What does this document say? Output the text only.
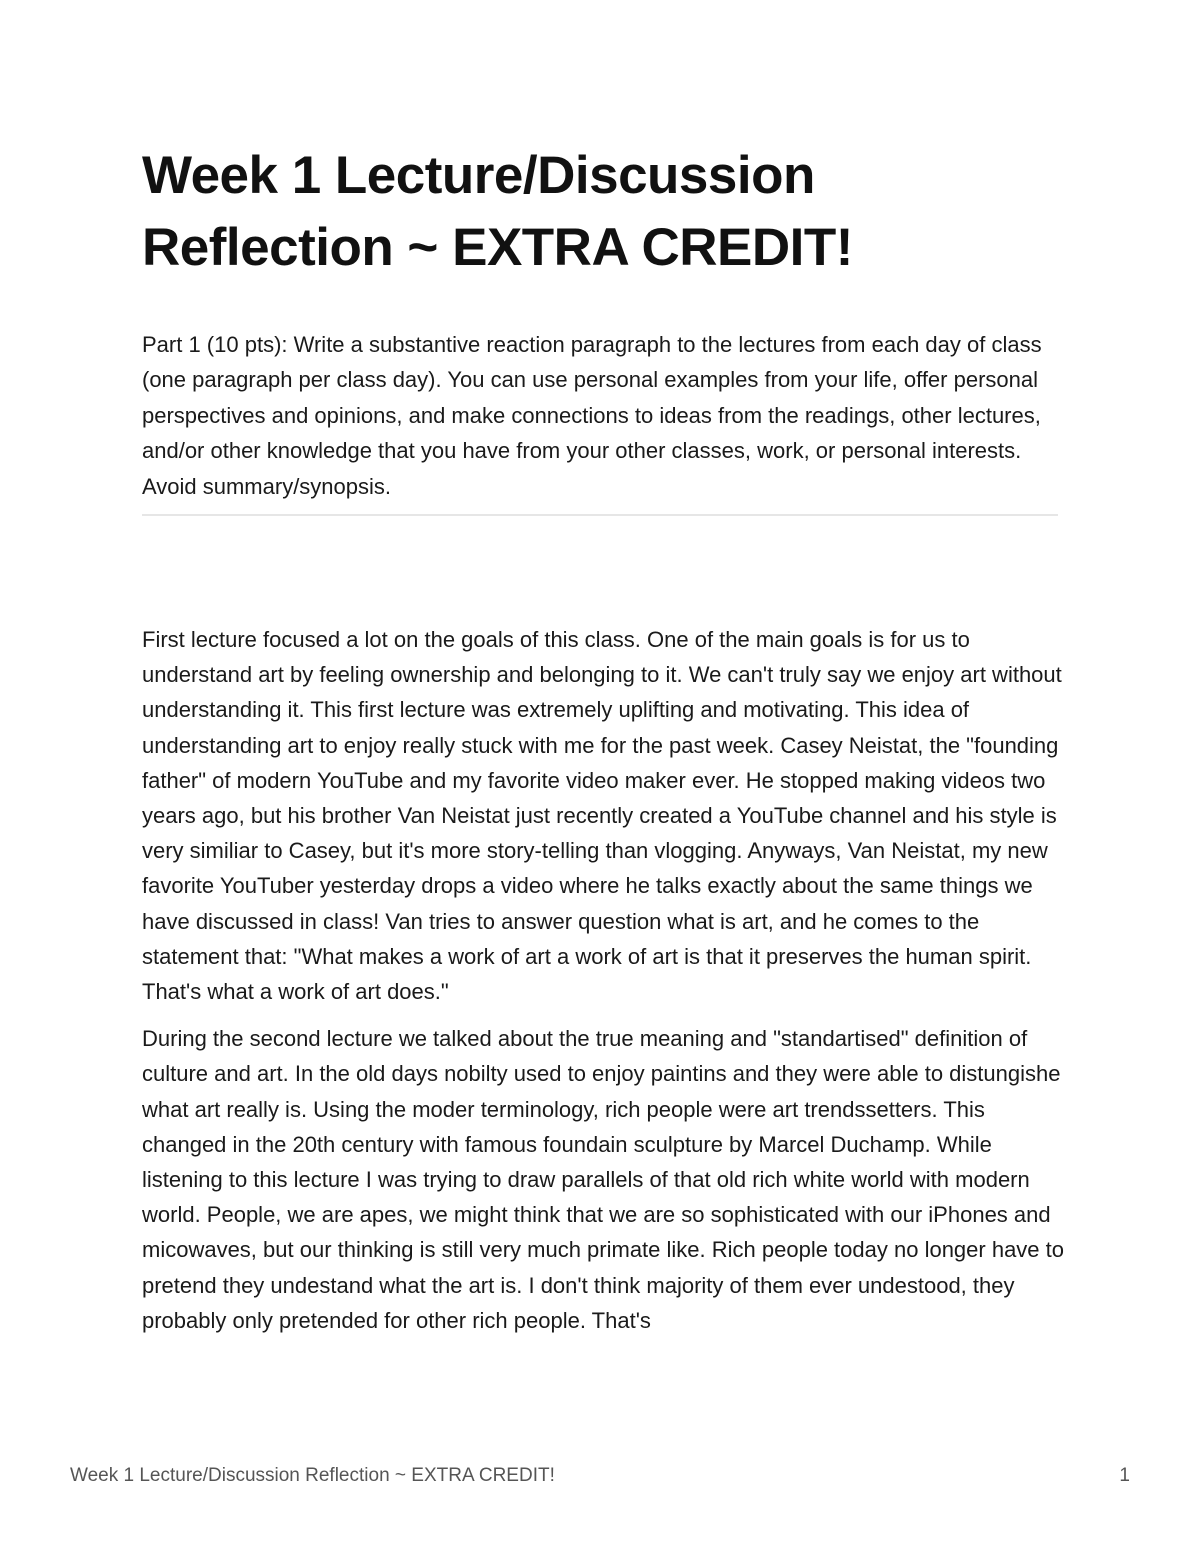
Week 1 Lecture/Discussion Reflection ~ EXTRA CREDIT!

Part 1 (10 pts): Write a substantive reaction paragraph to the lectures from each day of class (one paragraph per class day). You can use personal examples from your life, offer personal perspectives and opinions, and make connections to ideas from the readings, other lectures, and/or other knowledge that you have from your other classes, work, or personal interests. Avoid summary/synopsis.

First lecture focused a lot on the goals of this class. One of the main goals is for us to understand art by feeling ownership and belonging to it. We can't truly say we enjoy art without understanding it. This first lecture was extremely uplifting and motivating. This idea of understanding art to enjoy really stuck with me for the past week. Casey Neistat, the "founding father" of modern YouTube and my favorite video maker ever. He stopped making videos two years ago, but his brother Van Neistat just recently created a YouTube channel and his style is very similiar to Casey, but it's more story-telling than vlogging. Anyways, Van Neistat, my new favorite YouTuber yesterday drops a video where he talks exactly about the same things we have discussed in class! Van tries to answer question what is art, and he comes to the statement that: "What makes a work of art a work of art is that it preserves the human spirit. That's what a work of art does."

During the second lecture we talked about the true meaning and "standartised" definition of culture and art. In the old days nobilty used to enjoy paintins and they were able to distungishe what art really is. Using the moder terminology, rich people were art trendssetters. This changed in the 20th century with famous foundain sculpture by Marcel Duchamp. While listening to this lecture I was trying to draw parallels of that old rich white world with modern world. People, we are apes, we might think that we are so sophisticated with our iPhones and micowaves, but our thinking is still very much primate like. Rich people today no longer have to pretend they undestand what the art is. I don't think majority of them ever undestood, they probably only pretended for other rich people. That's

Week 1 Lecture/Discussion Reflection ~ EXTRA CREDIT!	1
